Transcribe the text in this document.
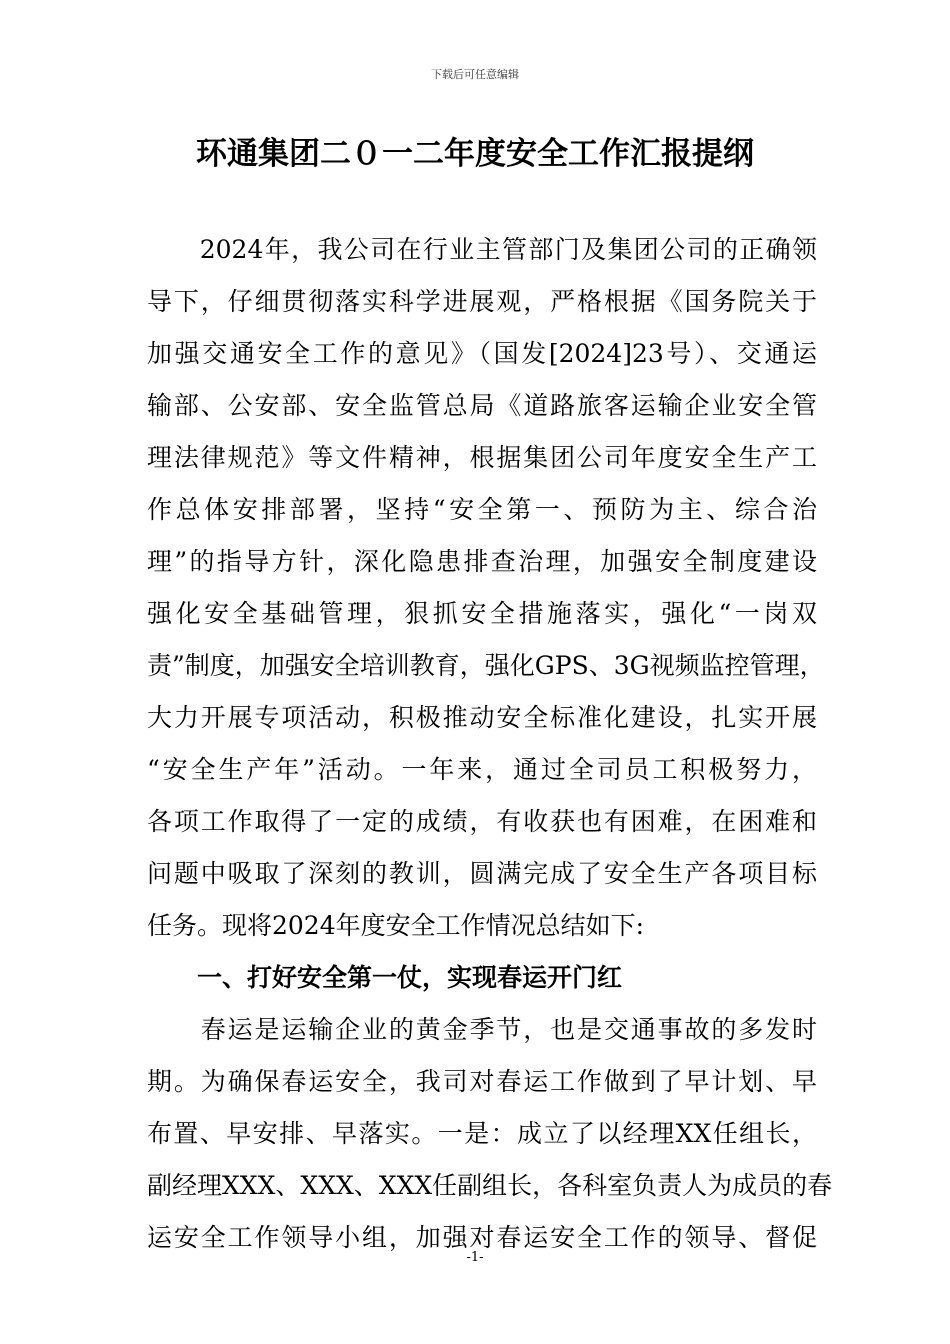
下载后可任意编辑
环通集团二０一二年度安全工作汇报提纲
　　2024年，我公司在行业主管部门及集团公司的正确领
导下，仔细贯彻落实科学进展观，严格根据《国务院关于
加强交通安全工作的意见》（国发[2024]23号）、交通运
输部、公安部、安全监管总局《道路旅客运输企业安全管
理法律规范》等文件精神，根据集团公司年度安全生产工
作总体安排部署，坚持“安全第一、预防为主、综合治
理”的指导方针，深化隐患排查治理，加强安全制度建设
强化安全基础管理，狠抓安全措施落实，强化“一岗双
责”制度，加强安全培训教育，强化GPS、3G视频监控管理，
大力开展专项活动，积极推动安全标准化建设，扎实开展
“安全生产年”活动。一年来，通过全司员工积极努力，
各项工作取得了一定的成绩，有收获也有困难，在困难和
问题中吸取了深刻的教训，圆满完成了安全生产各项目标
任务。现将2024年度安全工作情况总结如下:
　　一、打好安全第一仗，实现春运开门红
　　春运是运输企业的黄金季节，也是交通事故的多发时
期。为确保春运安全，我司对春运工作做到了早计划、早
布置、早安排、早落实。一是：成立了以经理XX任组长，
副经理XXX、XXX、XXX任副组长，各科室负责人为成员的春
运安全工作领导小组，加强对春运安全工作的领导、督促
-1-
